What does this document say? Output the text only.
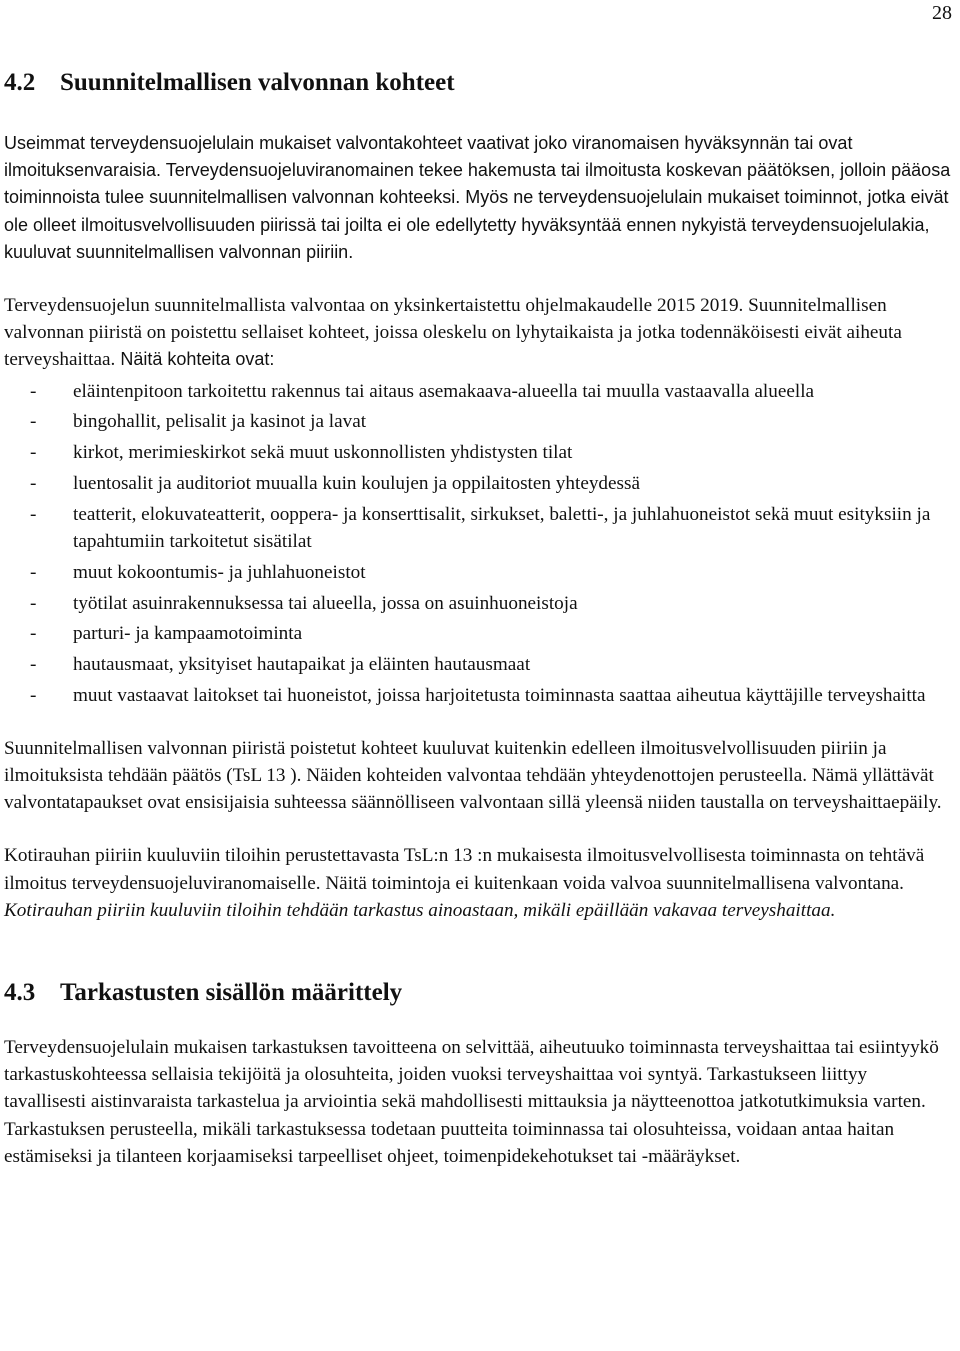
28
4.2 Suunnitelmallisen valvonnan kohteet

Useimmat terveydensuojelulain mukaiset valvontakohteet vaativat joko viranomaisen hyväksynnän tai ovat ilmoituksenvaraisia. Terveydensuojeluviranomainen tekee hakemusta tai ilmoitusta koskevan päätöksen, jolloin pääosa toiminnoista tulee suunnitelmallisen valvonnan kohteeksi. Myös ne terveydensuojelulain mukaiset toiminnot, jotka eivät ole olleet ilmoitusvelvollisuuden piirissä tai joilta ei ole edellytetty hyväksyntää ennen nykyistä terveydensuojelulakia, kuuluvat suunnitelmallisen valvonnan piiriin.

Terveydensuojelun suunnitelmallista valvontaa on yksinkertaistettu ohjelmakaudelle 2015 2019. Suunnitelmallisen valvonnan piiristä on poistettu sellaiset kohteet, joissa oleskelu on lyhytaikaista ja jotka todennäköisesti eivät aiheuta terveyshaittaa. Näitä kohteita ovat:

- eläintenpitoon tarkoitettu rakennus tai aitaus asemakaava-alueella tai muulla vastaavalla alueella
- bingohallit, pelisalit ja kasinot ja lavat
- kirkot, merimieskirkot sekä muut uskonnollisten yhdistysten tilat
- luentosalit ja auditoriot muualla kuin koulujen ja oppilaitosten yhteydessä
- teatterit, elokuvateatterit, ooppera- ja konserttisalit, sirkukset, baletti-, ja juhlahuoneistot sekä muut esityksiin ja tapahtumiin tarkoitetut sisätilat
- muut kokoontumis- ja juhlahuoneistot
- työtilat asuinrakennuksessa tai alueella, jossa on asuinhuoneistoja
- parturi- ja kampaamotoiminta
- hautausmaat, yksityiset hautapaikat ja eläinten hautausmaat
- muut vastaavat laitokset tai huoneistot, joissa harjoitetusta toiminnasta saattaa aiheutua käyttäjille terveyshaitta

Suunnitelmallisen valvonnan piiristä poistetut kohteet kuuluvat kuitenkin edelleen ilmoitusvelvollisuuden piiriin ja ilmoituksista tehdään päätös (TsL 13 ). Näiden kohteiden valvontaa tehdään yhteydenottojen perusteella. Nämä yllättävät valvontatapaukset ovat ensisijaisia suhteessa säännölliseen valvontaan sillä yleensä niiden taustalla on terveyshaittaepäily.

Kotirauhan piiriin kuuluviin tiloihin perustettavasta TsL:n 13 :n mukaisesta ilmoitusvelvollisesta toiminnasta on tehtävä ilmoitus terveydensuojeluviranomaiselle. Näitä toimintoja ei kuitenkaan voida valvoa suunnitelmallisena valvontana. Kotirauhan piiriin kuuluviin tiloihin tehdään tarkastus ainoastaan, mikäli epäillään vakavaa terveyshaittaa.

4.3 Tarkastusten sisällön määrittely

Terveydensuojelulain mukaisen tarkastuksen tavoitteena on selvittää, aiheutuuko toiminnasta terveyshaittaa tai esiintyykö tarkastuskohteessa sellaisia tekijöitä ja olosuhteita, joiden vuoksi terveyshaittaa voi syntyä. Tarkastukseen liittyy tavallisesti aistinvaraista tarkastelua ja arviointia sekä mahdollisesti mittauksia ja näytteenottoa jatkotutkimuksia varten. Tarkastuksen perusteella, mikäli tarkastuksessa todetaan puutteita toiminnassa tai olosuhteissa, voidaan antaa haitan estämiseksi ja tilanteen korjaamiseksi tarpeelliset ohjeet, toimenpidekehotukset tai -määräykset.
